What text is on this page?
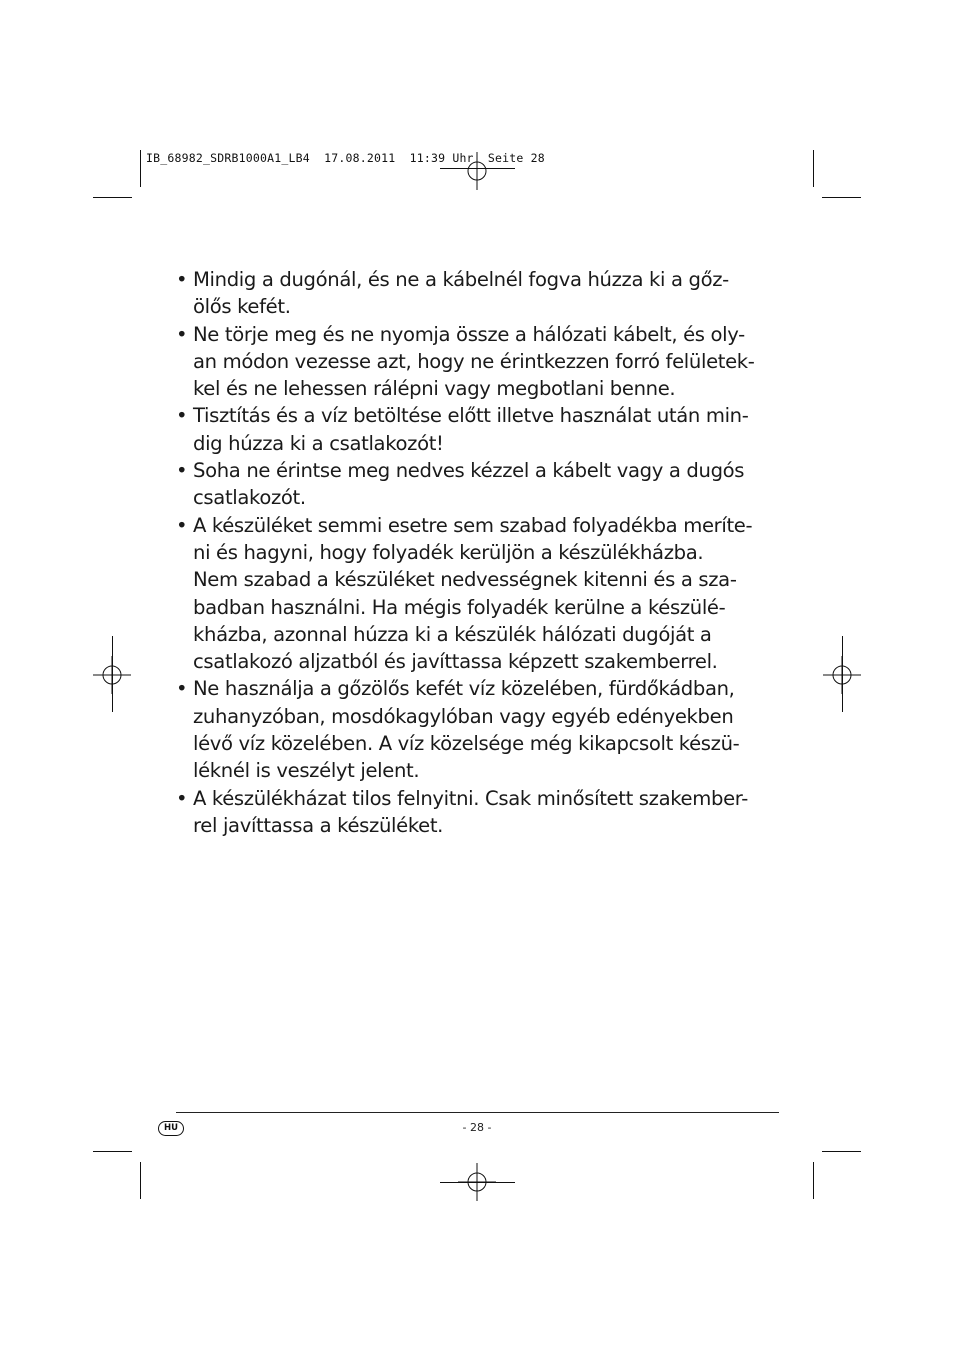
IB_68982_SDRB1000A1_LB4  17.08.2011  11:39 Uhr  Seite 28
• Mindig a dugónál, és ne a kábelnél fogva húzza ki a gőz-
ölős kefét.
• Ne törje meg és ne nyomja össze a hálózati kábelt, és oly-
an módon vezesse azt, hogy ne érintkezzen forró felületek-
kel és ne lehessen rálépni vagy megbotlani benne.
• Tisztítás és a víz betöltése előtt illetve használat után min-
dig húzza ki a csatlakozót!
• Soha ne érintse meg nedves kézzel a kábelt vagy a dugós
csatlakozót.
• A készüléket semmi esetre sem szabad folyadékba meríte-
ni és hagyni, hogy folyadék kerüljön a készülékházba.
Nem szabad a készüléket nedvességnek kitenni és a sza-
badban használni. Ha mégis folyadék kerülne a készülé-
kházba, azonnal húzza ki a készülék hálózati dugóját a
csatlakozó aljzatból és javíttassa képzett szakemberrel.
• Ne használja a gőzölős kefét víz közelében, fürdőkádban,
zuhanyzóban, mosdókagylóban vagy egyéb edényekben
lévő víz közelében. A víz közelsége még kikapcsolt készü-
léknél is veszélyt jelent.
• A készülékházat tilos felnyitni. Csak minősített szakember-
rel javíttassa a készüléket.
HU	- 28 -
